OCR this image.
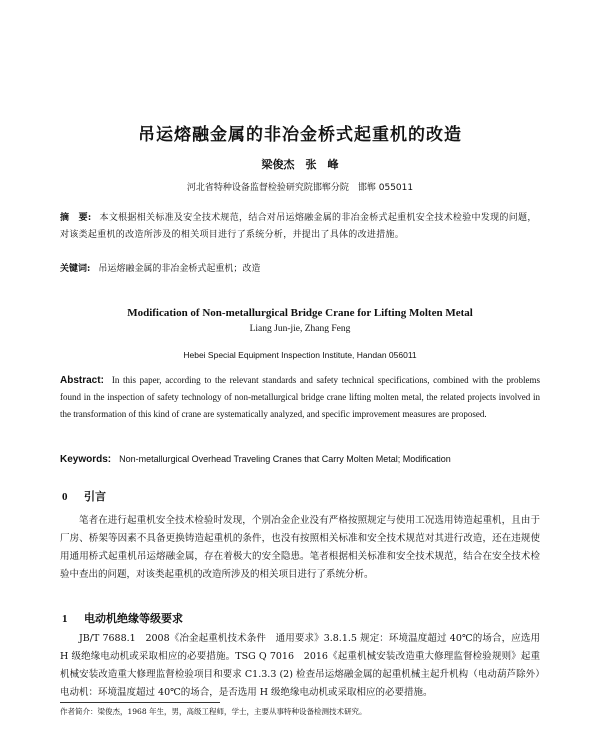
吊运熔融金属的非冶金桥式起重机的改造
梁俊杰　张　峰
河北省特种设备监督检验研究院邯郸分院　邯郸 055011
摘　要: 本文根据相关标准及安全技术规范，结合对吊运熔融金属的非冶金桥式起重机安全技术检验中发现的问题，对该类起重机的改造所涉及的相关项目进行了系统分析，并提出了具体的改进措施。
关键词: 吊运熔融金属的非冶金桥式起重机；改造
Modification of Non-metallurgical Bridge Crane for Lifting Molten Metal
Liang Jun-jie, Zhang Feng
Hebei Special Equipment Inspection Institute, Handan 056011
Abstract: In this paper, according to the relevant standards and safety technical specifications, combined with the problems found in the inspection of safety technology of non-metallurgical bridge crane lifting molten metal, the related projects involved in the transformation of this kind of crane are systematically analyzed, and specific improvement measures are proposed.
Keywords: Non-metallurgical Overhead Traveling Cranes that Carry Molten Metal; Modification
0 引言
笔者在进行起重机安全技术检验时发现，个别冶金企业没有严格按照规定与使用工况选用铸造起重机，且由于厂房、桥架等因素不具备更换铸造起重机的条件，也没有按照相关标准和安全技术规范对其进行改造，还在违规使用通用桥式起重机吊运熔融金属，存在着极大的安全隐患。笔者根据相关标准和安全技术规范，结合在安全技术检验中查出的问题，对该类起重机的改造所涉及的相关项目进行了系统分析。
1 电动机绝缘等级要求
JB/T 7688.1　2008《冶金起重机技术条件　通用要求》3.8.1.5 规定：环境温度超过 40℃的场合，应选用 H 级绝缘电动机或采取相应的必要措施。TSG Q 7016　2016《起重机械安装改造重大修理监督检验规则》起重机械安装改造重大修理监督检验项目和要求 C1.3.3 (2) 检查吊运熔融金属的起重机械主起升机构（电动葫芦除外）电动机：环境温度超过 40℃的场合，是否选用 H 级绝缘电动机或采取相应的必要措施。
作者简介：梁俊杰，1968 年生，男，高级工程师，学士，主要从事特种设备检测技术研究。
